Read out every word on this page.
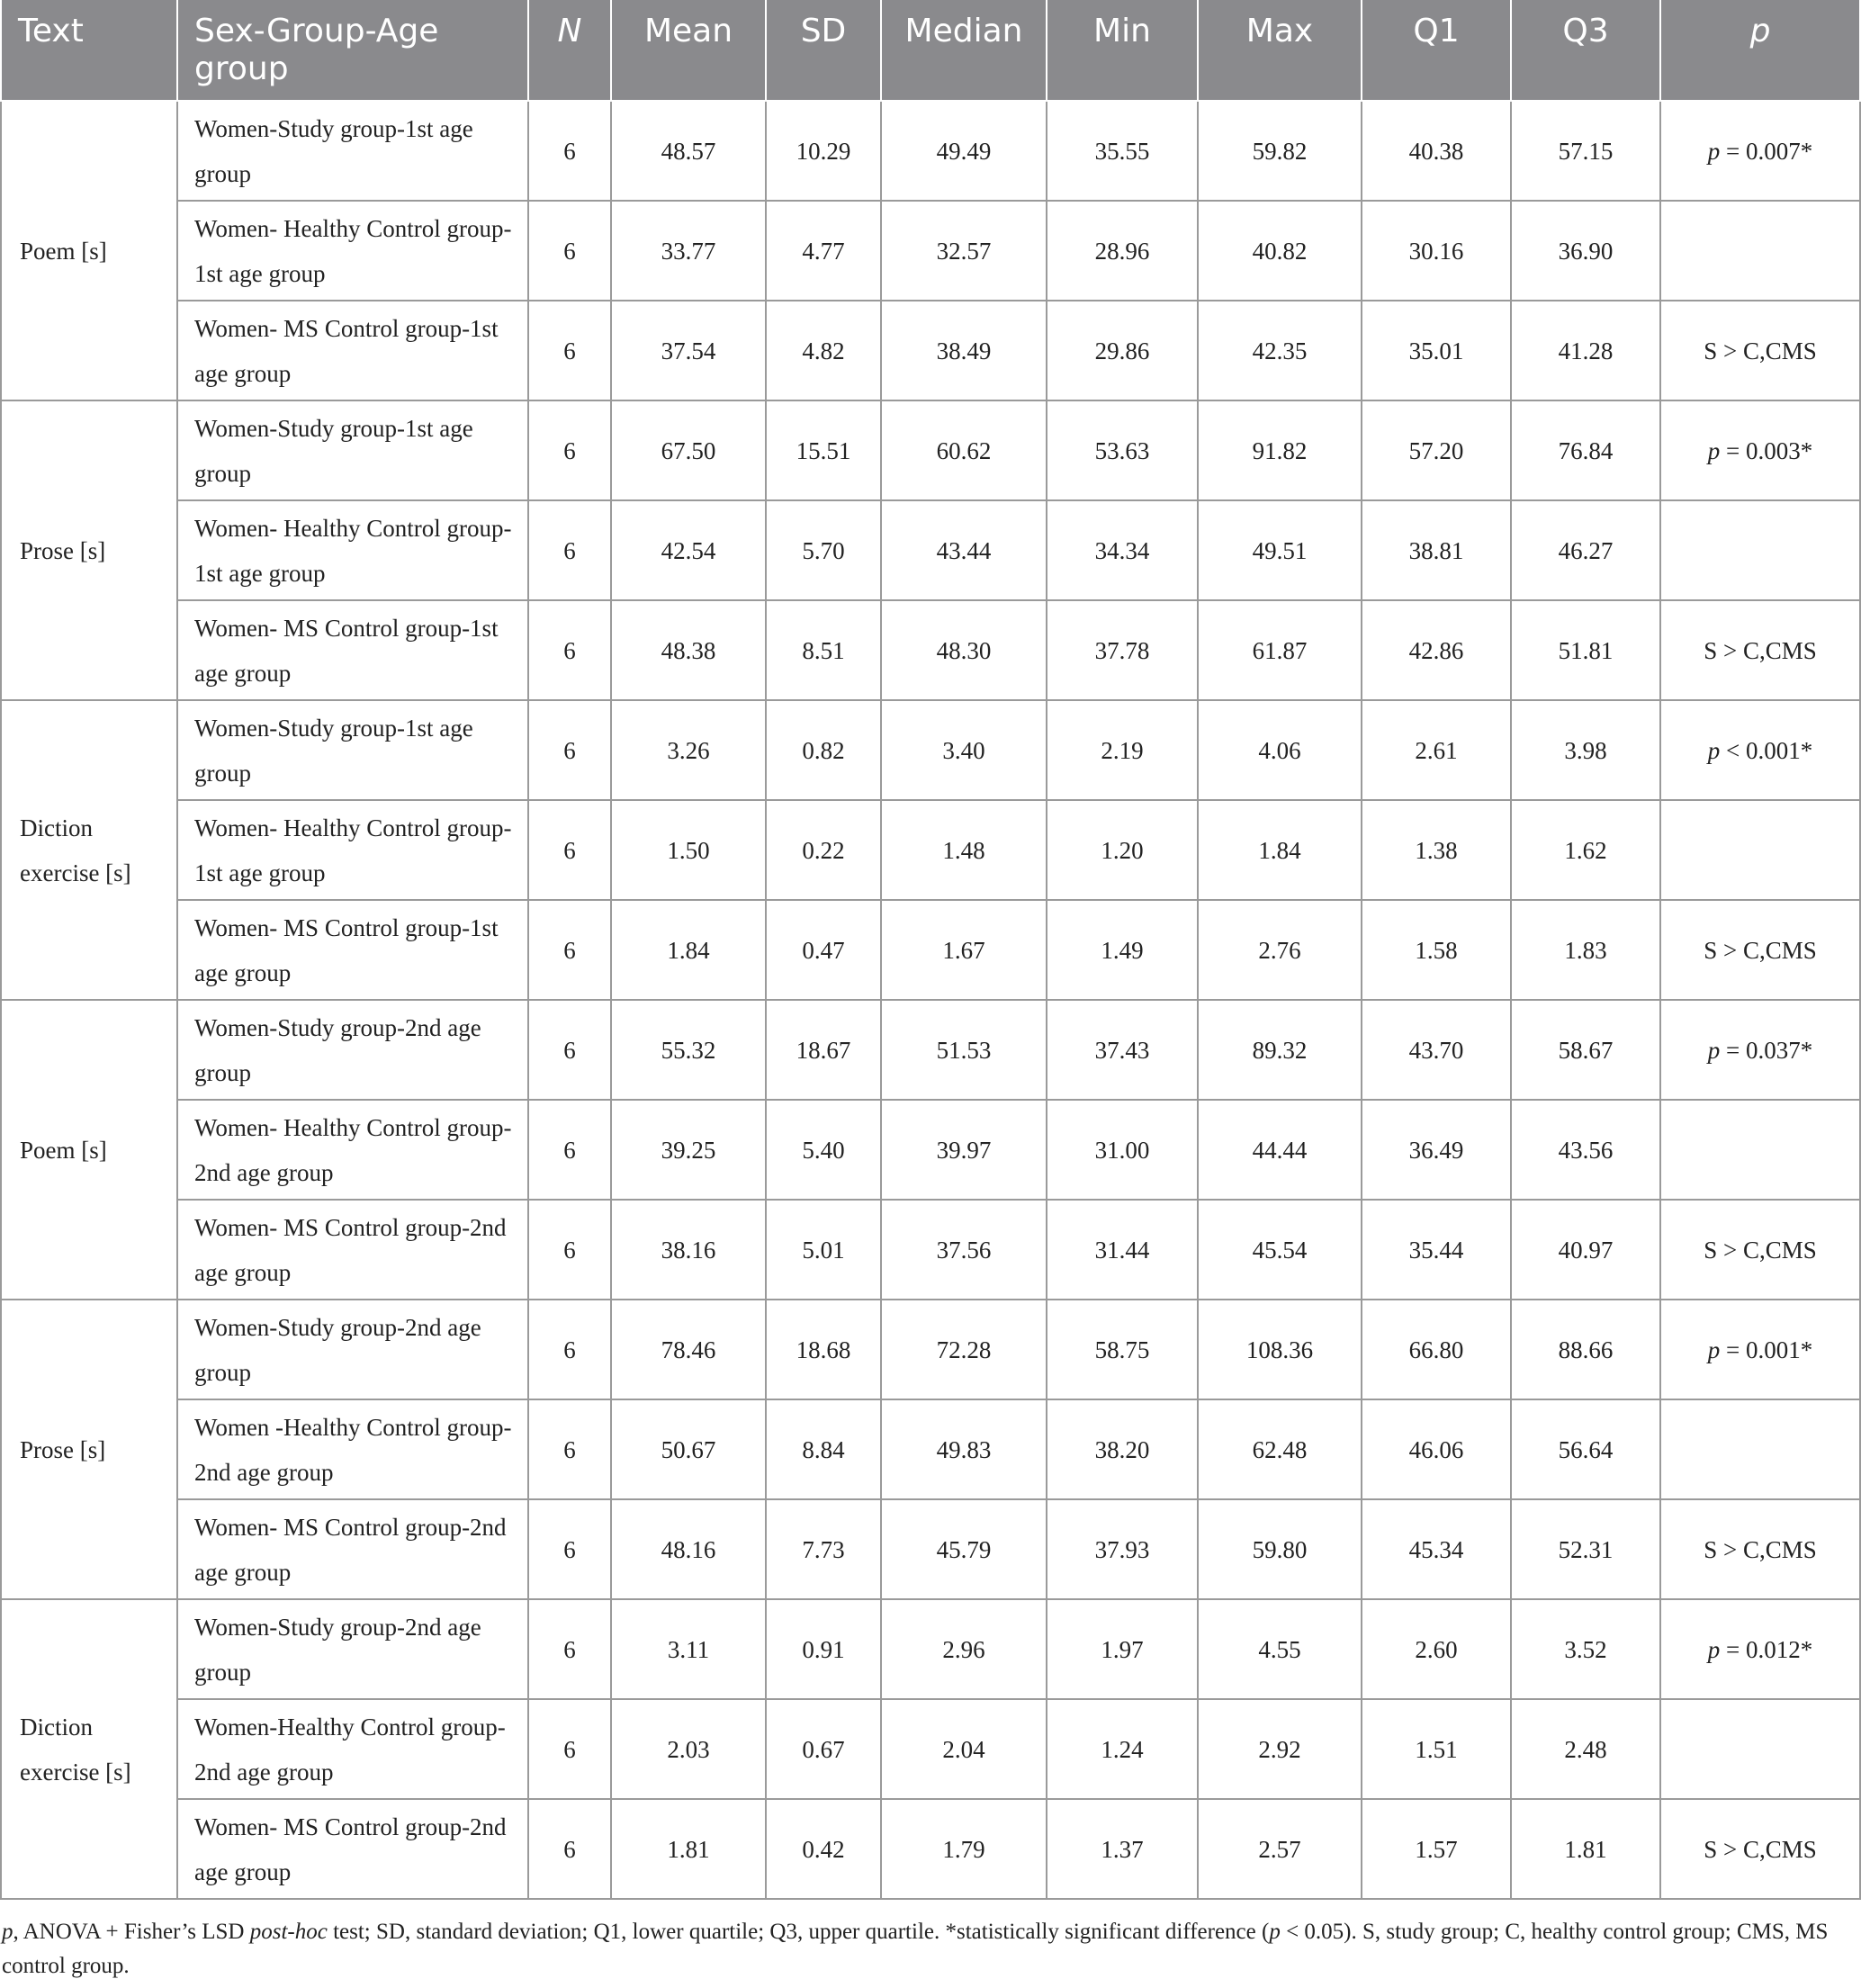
Text	Sex-Group-Age group	N	Mean	SD	Median	Min	Max	Q1	Q3	p
Poem [s]	Women-Study group-1st age group	6	48.57	10.29	49.49	35.55	59.82	40.38	57.15	p = 0.007*
	Women- Healthy Control group-1st age group	6	33.77	4.77	32.57	28.96	40.82	30.16	36.90	
	Women- MS Control group-1st age group	6	37.54	4.82	38.49	29.86	42.35	35.01	41.28	S > C,CMS
Prose [s]	Women-Study group-1st age group	6	67.50	15.51	60.62	53.63	91.82	57.20	76.84	p = 0.003*
	Women- Healthy Control group-1st age group	6	42.54	5.70	43.44	34.34	49.51	38.81	46.27	
	Women- MS Control group-1st age group	6	48.38	8.51	48.30	37.78	61.87	42.86	51.81	S > C,CMS
Diction exercise [s]	Women-Study group-1st age group	6	3.26	0.82	3.40	2.19	4.06	2.61	3.98	p < 0.001*
	Women- Healthy Control group-1st age group	6	1.50	0.22	1.48	1.20	1.84	1.38	1.62	
	Women- MS Control group-1st age group	6	1.84	0.47	1.67	1.49	2.76	1.58	1.83	S > C,CMS
Poem [s]	Women-Study group-2nd age group	6	55.32	18.67	51.53	37.43	89.32	43.70	58.67	p = 0.037*
	Women- Healthy Control group-2nd age group	6	39.25	5.40	39.97	31.00	44.44	36.49	43.56	
	Women- MS Control group-2nd age group	6	38.16	5.01	37.56	31.44	45.54	35.44	40.97	S > C,CMS
Prose [s]	Women-Study group-2nd age group	6	78.46	18.68	72.28	58.75	108.36	66.80	88.66	p = 0.001*
	Women -Healthy Control group-2nd age group	6	50.67	8.84	49.83	38.20	62.48	46.06	56.64	
	Women- MS Control group-2nd age group	6	48.16	7.73	45.79	37.93	59.80	45.34	52.31	S > C,CMS
Diction exercise [s]	Women-Study group-2nd age group	6	3.11	0.91	2.96	1.97	4.55	2.60	3.52	p = 0.012*
	Women-Healthy Control group-2nd age group	6	2.03	0.67	2.04	1.24	2.92	1.51	2.48	
	Women- MS Control group-2nd age group	6	1.81	0.42	1.79	1.37	2.57	1.57	1.81	S > C,CMS
p, ANOVA + Fisher’s LSD post-hoc test; SD, standard deviation; Q1, lower quartile; Q3, upper quartile. *statistically significant difference (p < 0.05). S, study group; C, healthy control group; CMS, MS control group.
